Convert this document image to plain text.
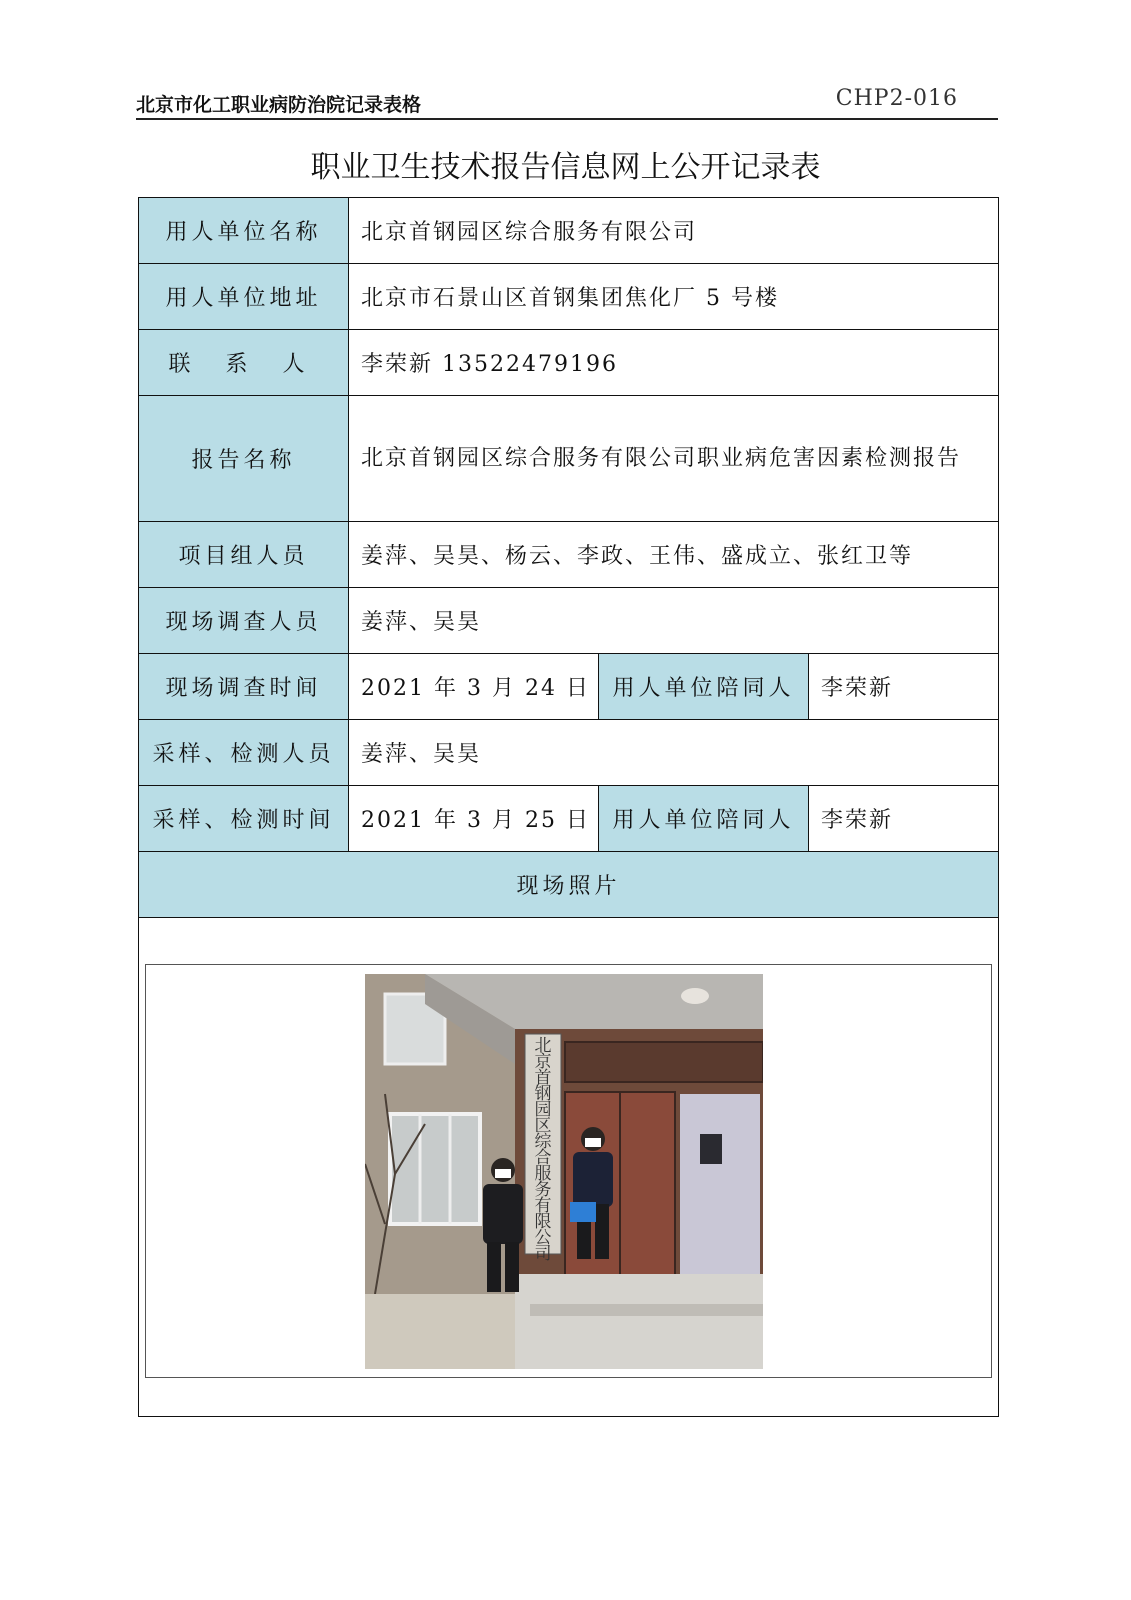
北京市化工职业病防治院记录表格	CHP2-016
职业卫生技术报告信息网上公开记录表
用人单位名称	北京首钢园区综合服务有限公司		
用人单位地址	北京市石景山区首钢集团焦化厂 5 号楼		
联 系 人	李荣新 13522479196		
报告名称	北京首钢园区综合服务有限公司职业病危害因素检测报告		
项目组人员	姜萍、吴昊、杨云、李政、王伟、盛成立、张红卫等		
现场调查人员	姜萍、吴昊		
现场调查时间	2021 年 3 月 24 日	用人单位陪同人	李荣新
采样、检测人员	姜萍、吴昊		
采样、检测时间	2021 年 3 月 25 日	用人单位陪同人	李荣新
现场照片			

北京首钢园区综合服务有限公司			
